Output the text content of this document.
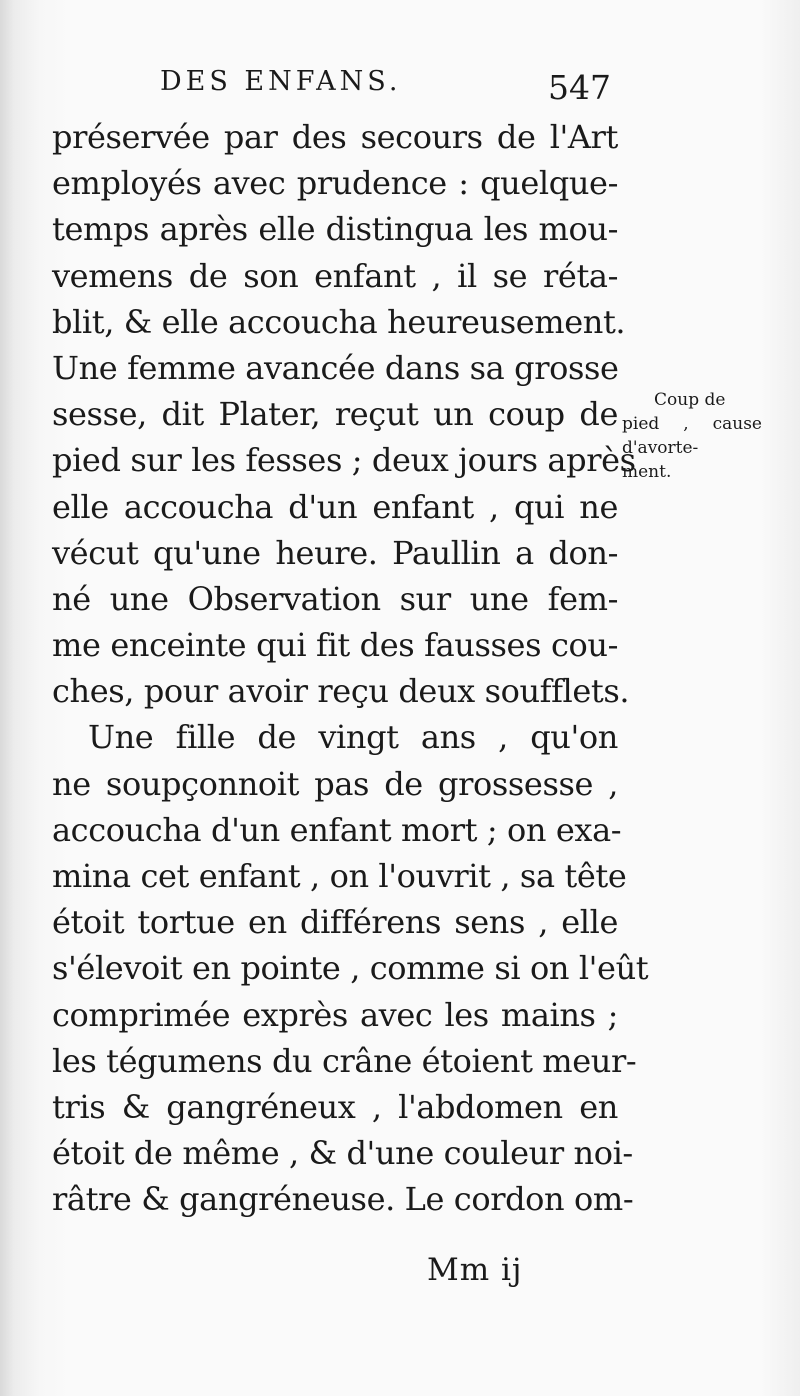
DES ENFANS.	547
préservée par des secours de l'Art
employés avec prudence : quelque-
temps après elle distingua les mou-
vemens de son enfant , il se réta-
blit, & elle accoucha heureusement.
Une femme avancée dans sa grosse
sesse, dit Plater, reçut un coup de
pied sur les fesses ; deux jours après
elle accoucha d'un enfant , qui ne
vécut qu'une heure. Paullin a don-
né une Observation sur une fem-
me enceinte qui fit des fausses cou-
ches, pour avoir reçu deux soufflets.
Une fille de vingt ans , qu'on
ne soupçonnoit pas de grossesse ,
accoucha d'un enfant mort ; on exa-
mina cet enfant , on l'ouvrit , sa tête
étoit tortue en différens sens , elle
s'élevoit en pointe , comme si on l'eût
comprimée exprès avec les mains ;
les tégumens du crâne étoient meur-
tris & gangréneux , l'abdomen en
étoit de même , & d'une couleur noi-
râtre & gangréneuse. Le cordon om-
Coup de
pied , cause
d'avorte-
ment.
Mm ij
